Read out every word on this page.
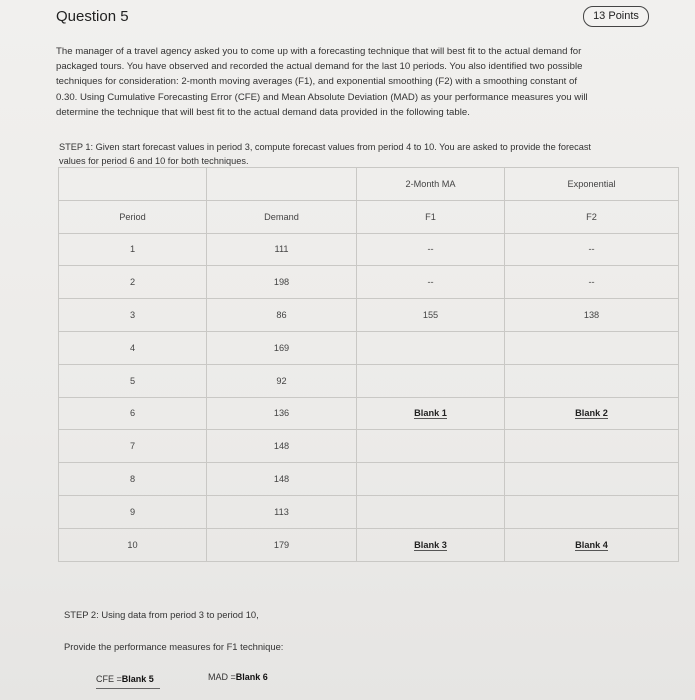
Question 5	13 Points
The manager of a travel agency asked you to come up with a forecasting technique that will best fit to the actual demand for
packaged tours. You have observed and recorded the actual demand for the last 10 periods. You also identified two possible
techniques for consideration: 2-month moving averages (F1), and exponential smoothing (F2) with a smoothing constant of
0.30. Using Cumulative Forecasting Error (CFE) and Mean Absolute Deviation (MAD) as your performance measures you will
determine the technique that will best fit to the actual demand data provided in the following table.
STEP 1: Given start forecast values in period 3, compute forecast values from period 4 to 10. You are asked to provide the forecast
values for period 6 and 10 for both techniques.
		2-Month MA	Exponential
Period	Demand	F1	F2
1	111	--	--
2	198	--	--
3	86	155	138
4	169		
5	92		
6	136	Blank 1	Blank 2
7	148		
8	148		
9	113		
10	179	Blank 3	Blank 4
STEP 2: Using data from period 3 to period 10,
Provide the performance measures for F1 technique:
CFE =Blank 5	MAD =Blank 6
